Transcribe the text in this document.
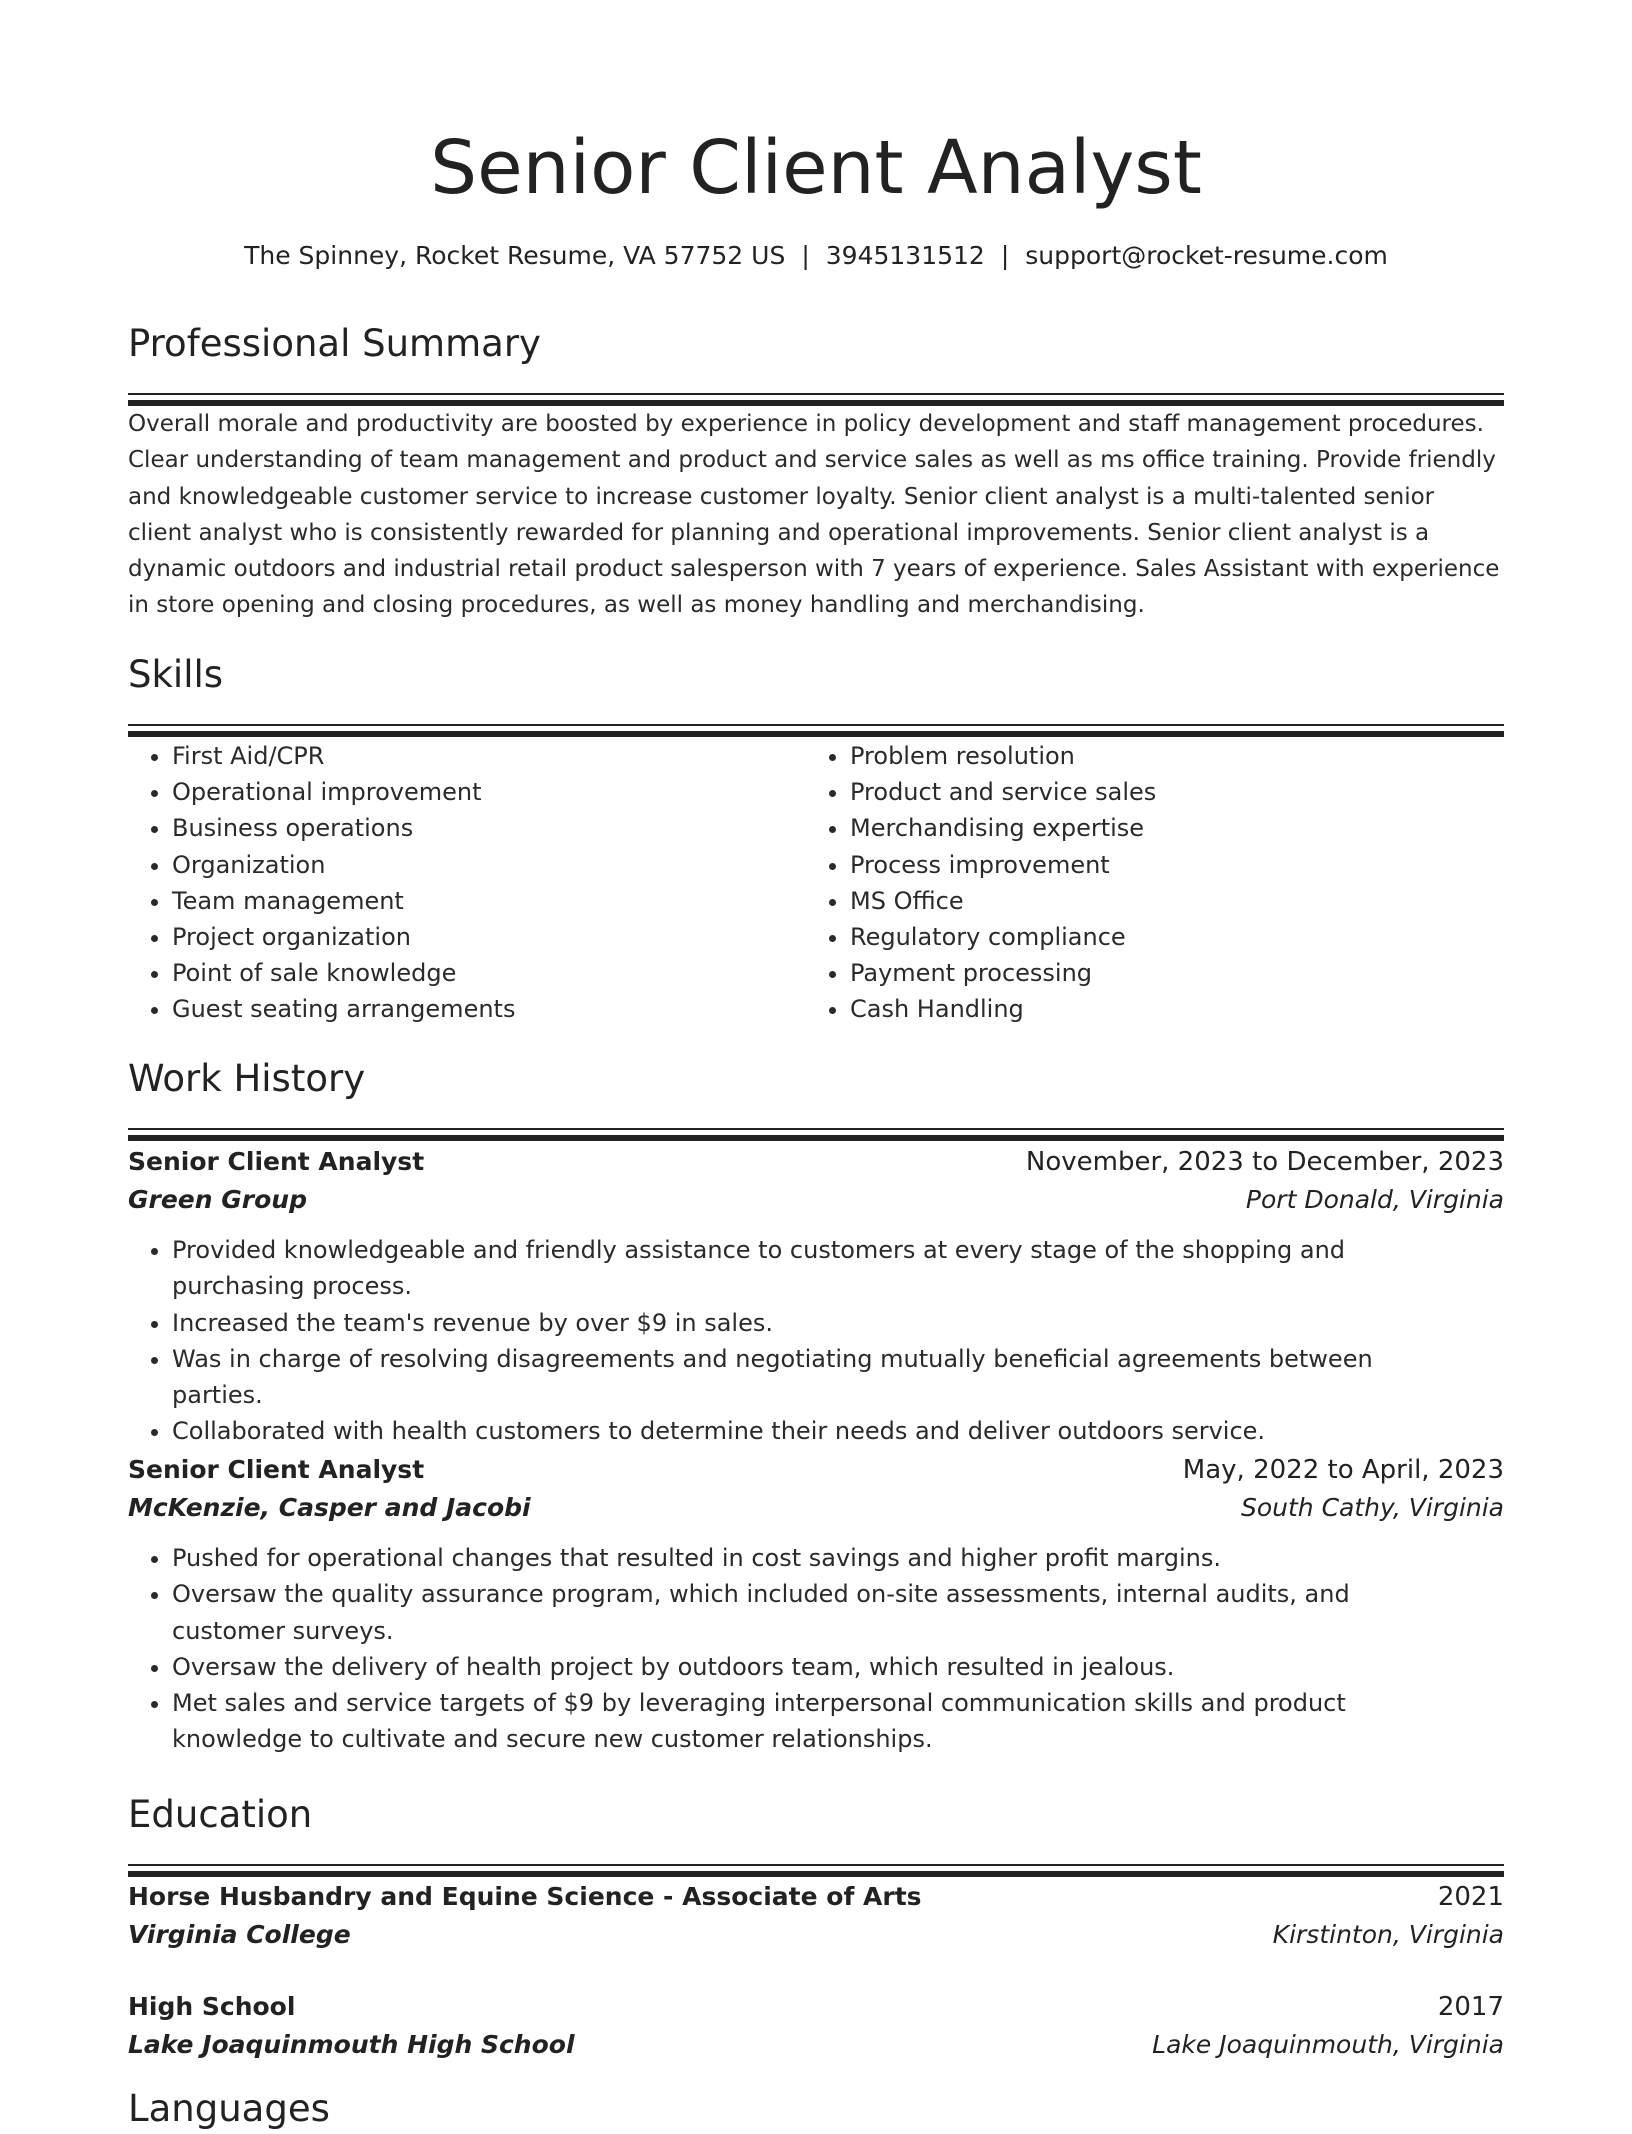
Senior Client Analyst
The Spinney, Rocket Resume, VA 57752 US | 3945131512 | support@rocket-resume.com
Professional Summary
Overall morale and productivity are boosted by experience in policy development and staff management procedures. Clear understanding of team management and product and service sales as well as ms office training. Provide friendly and knowledgeable customer service to increase customer loyalty. Senior client analyst is a multi-talented senior client analyst who is consistently rewarded for planning and operational improvements. Senior client analyst is a dynamic outdoors and industrial retail product salesperson with 7 years of experience. Sales Assistant with experience in store opening and closing procedures, as well as money handling and merchandising.
Skills
• First Aid/CPR
• Operational improvement
• Business operations
• Organization
• Team management
• Project organization
• Point of sale knowledge
• Guest seating arrangements
• Problem resolution
• Product and service sales
• Merchandising expertise
• Process improvement
• MS Office
• Regulatory compliance
• Payment processing
• Cash Handling
Work History
Senior Client Analyst	November, 2023 to December, 2023
Green Group	Port Donald, Virginia
• Provided knowledgeable and friendly assistance to customers at every stage of the shopping and purchasing process.
• Increased the team's revenue by over $9 in sales.
• Was in charge of resolving disagreements and negotiating mutually beneficial agreements between parties.
• Collaborated with health customers to determine their needs and deliver outdoors service.
Senior Client Analyst	May, 2022 to April, 2023
McKenzie, Casper and Jacobi	South Cathy, Virginia
• Pushed for operational changes that resulted in cost savings and higher profit margins.
• Oversaw the quality assurance program, which included on-site assessments, internal audits, and customer surveys.
• Oversaw the delivery of health project by outdoors team, which resulted in jealous.
• Met sales and service targets of $9 by leveraging interpersonal communication skills and product knowledge to cultivate and secure new customer relationships.
Education
Horse Husbandry and Equine Science - Associate of Arts	2021
Virginia College	Kirstinton, Virginia
High School	2017
Lake Joaquinmouth High School	Lake Joaquinmouth, Virginia
Languages
